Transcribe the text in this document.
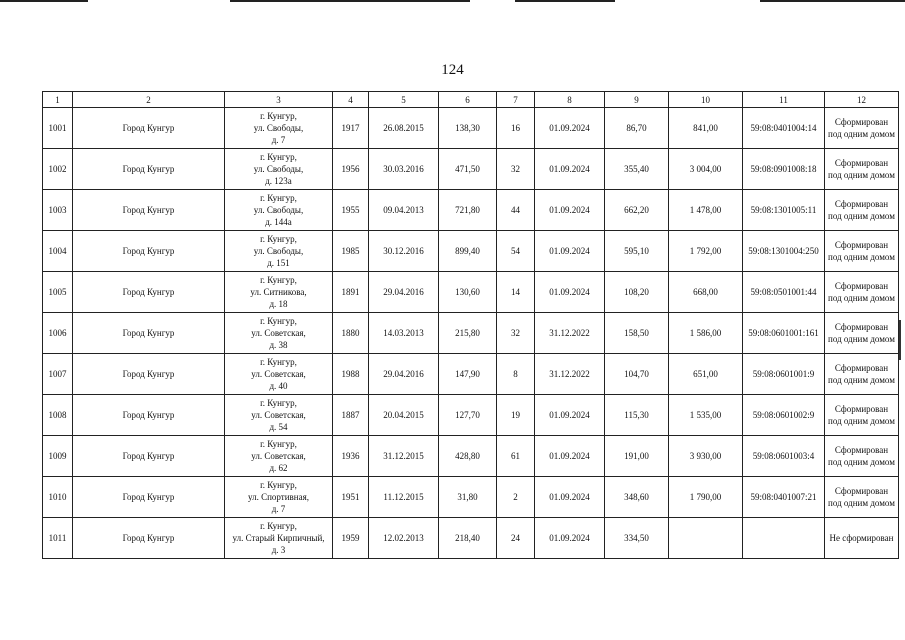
124
1	2	3	4	5	6	7	8	9	10	11	12
1001	Город Кунгур	г. Кунгур,
ул. Свободы,
д. 7	1917	26.08.2015	138,30	16	01.09.2024	86,70	841,00	59:08:0401004:14	Сформирован
под одним домом

1002	Город Кунгур	г. Кунгур,
ул. Свободы,
д. 123а	1956	30.03.2016	471,50	32	01.09.2024	355,40	3 004,00	59:08:0901008:18	Сформирован
под одним домом

1003	Город Кунгур	г. Кунгур,
ул. Свободы,
д. 144а	1955	09.04.2013	721,80	44	01.09.2024	662,20	1 478,00	59:08:1301005:11	Сформирован
под одним домом

1004	Город Кунгур	г. Кунгур,
ул. Свободы,
д. 151	1985	30.12.2016	899,40	54	01.09.2024	595,10	1 792,00	59:08:1301004:250	Сформирован
под одним домом

1005	Город Кунгур	г. Кунгур,
ул. Ситникова,
д. 18	1891	29.04.2016	130,60	14	01.09.2024	108,20	668,00	59:08:0501001:44	Сформирован
под одним домом

1006	Город Кунгур	г. Кунгур,
ул. Советская,
д. 38	1880	14.03.2013	215,80	32	31.12.2022	158,50	1 586,00	59:08:0601001:161	Сформирован
под одним домом

1007	Город Кунгур	г. Кунгур,
ул. Советская,
д. 40	1988	29.04.2016	147,90	8	31.12.2022	104,70	651,00	59:08:0601001:9	Сформирован
под одним домом

1008	Город Кунгур	г. Кунгур,
ул. Советская,
д. 54	1887	20.04.2015	127,70	19	01.09.2024	115,30	1 535,00	59:08:0601002:9	Сформирован
под одним домом

1009	Город Кунгур	г. Кунгур,
ул. Советская,
д. 62	1936	31.12.2015	428,80	61	01.09.2024	191,00	3 930,00	59:08:0601003:4	Сформирован
под одним домом

1010	Город Кунгур	г. Кунгур,
ул. Спортивная,
д. 7	1951	11.12.2015	31,80	2	01.09.2024	348,60	1 790,00	59:08:0401007:21	Сформирован
под одним домом

1011	Город Кунгур	г. Кунгур,
ул. Старый Кирпичный,
д. 3	1959	12.02.2013	218,40	24	01.09.2024	334,50			Не сформирован
